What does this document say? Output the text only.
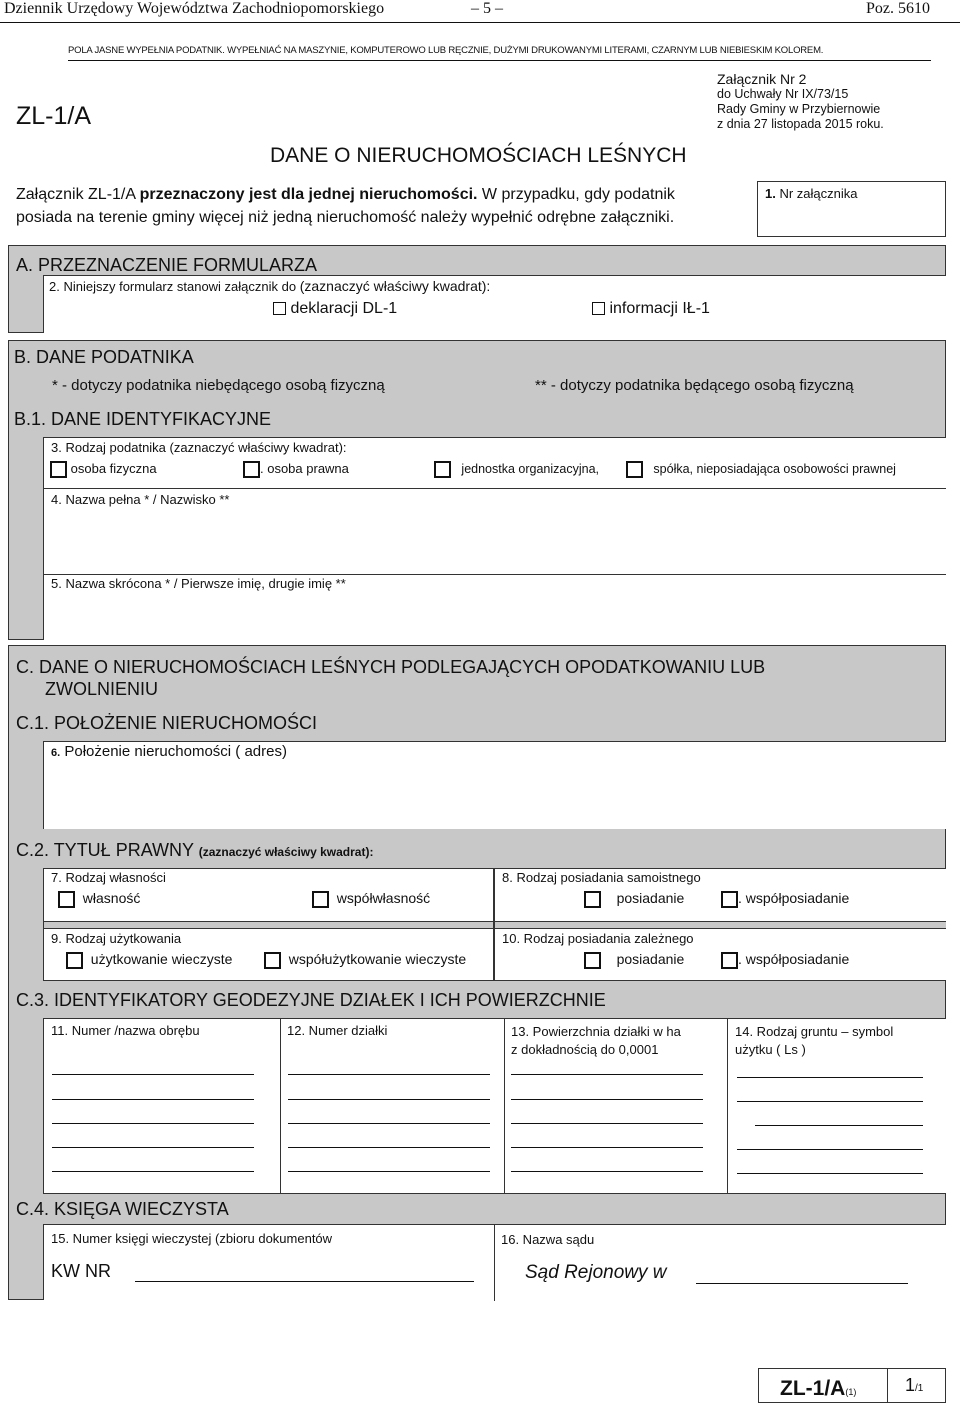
Dziennik Urzędowy Województwa Zachodniopomorskiego	– 5 –	Poz. 5610
POLA JASNE WYPEŁNIA PODATNIK. WYPEŁNIAĆ NA MASZYNIE, KOMPUTEROWO LUB RĘCZNIE, DUŻYMI DRUKOWANYMI LITERAMI, CZARNYM LUB NIEBIESKIM KOLOREM.
ZL-1/A
Załącznik Nr 2
do Uchwały Nr IX/73/15
Rady Gminy w Przybiernowie
z dnia 27 listopada 2015 roku.
DANE O NIERUCHOMOŚCIACH LEŚNYCH
Załącznik ZL-1/A przeznaczony jest dla jednej nieruchomości. W przypadku, gdy podatnik
posiada na terenie gminy więcej niż jedną nieruchomość należy wypełnić odrębne załączniki.
1. Nr załącznika
A. PRZEZNACZENIE FORMULARZA
2. Niniejszy formularz stanowi załącznik do (zaznaczyć właściwy kwadrat):
deklaracji DL-1	informacji IŁ-1
B. DANE PODATNIKA
* - dotyczy podatnika niebędącego osobą fizyczną	** - dotyczy podatnika będącego osobą fizyczną
B.1. DANE IDENTYFIKACYJNE
3. Rodzaj podatnika (zaznaczyć właściwy kwadrat):
osoba fizyczna	. osoba prawna	jednostka organizacyjna,	spółka, nieposiadająca osobowości prawnej
4. Nazwa pełna * / Nazwisko **
5. Nazwa skrócona * / Pierwsze imię, drugie imię **
C. DANE O NIERUCHOMOŚCIACH LEŚNYCH PODLEGAJĄCYCH OPODATKOWANIU LUB
ZWOLNIENIU
C.1. POŁOŻENIE NIERUCHOMOŚCI
6. Położenie nieruchomości ( adres)
C.2. TYTUŁ PRAWNY (zaznaczyć właściwy kwadrat):
7. Rodzaj własności
własność	współwłasność
9. Rodzaj użytkowania
użytkowanie wieczyste	współużytkowanie wieczyste
8. Rodzaj posiadania samoistnego
posiadanie	. współposiadanie
10. Rodzaj posiadania zależnego
posiadanie	. współposiadanie
C.3. IDENTYFIKATORY GEODEZYJNE DZIAŁEK I ICH POWIERZCHNIE
11. Numer /nazwa obrębu	12. Numer działki	13. Powierzchnia działki w ha
z dokładnością do 0,0001
14. Rodzaj gruntu – symbol
użytku ( Ls )
C.4. KSIĘGA WIECZYSTA
15. Numer księgi wieczystej (zbioru dokumentów
KW NR
16. Nazwa sądu
Sąd Rejonowy w
ZL-1/A(1)	1/1
